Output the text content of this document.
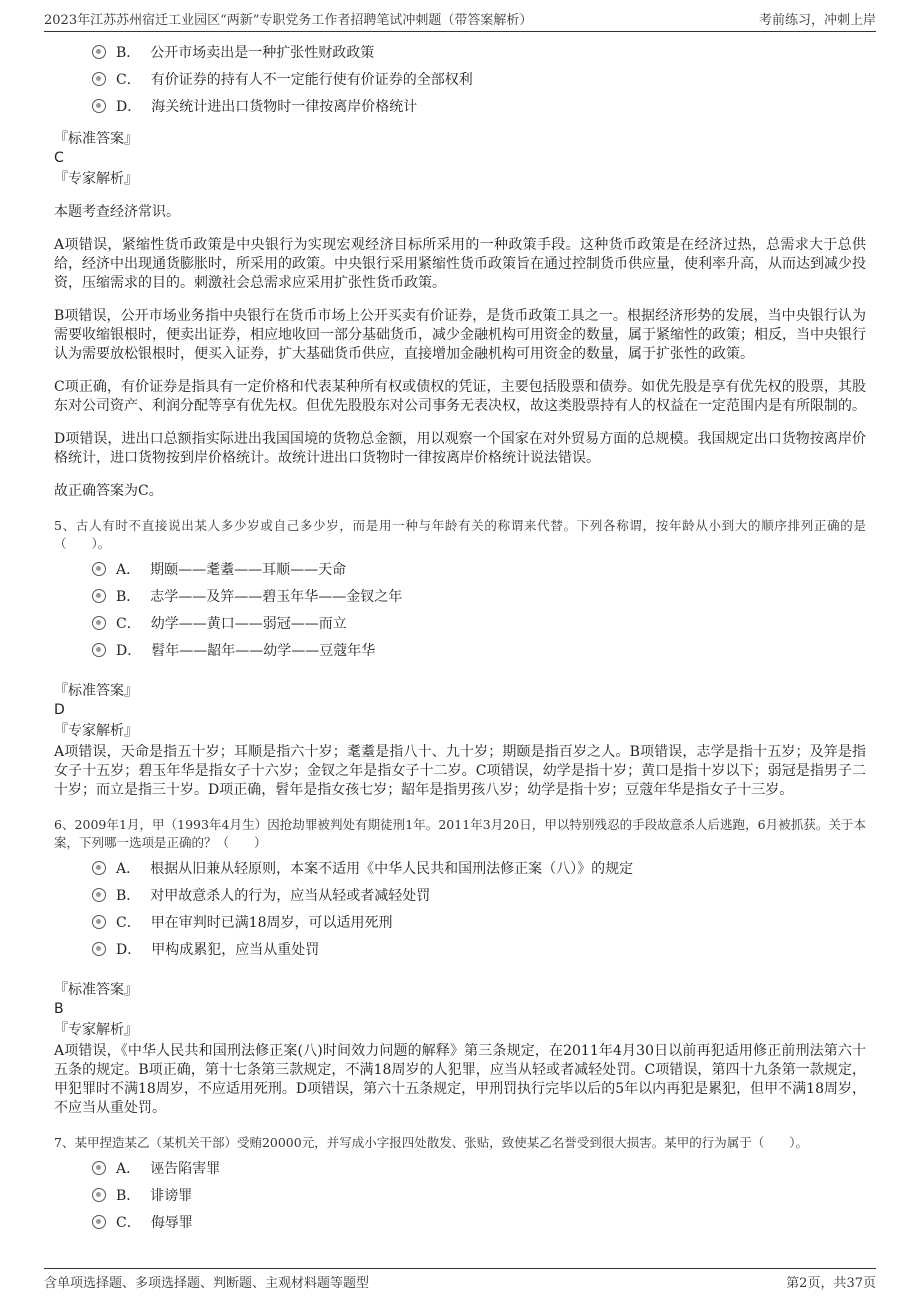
2023年江苏苏州宿迁工业园区“两新”专职党务工作者招聘笔试冲刺题（带答案解析）	考前练习，冲刺上岸
B． 公开市场卖出是一种扩张性财政政策
C． 有价证券的持有人不一定能行使有价证券的全部权利
D． 海关统计进出口货物时一律按离岸价格统计
『标准答案』
C
『专家解析』
本题考查经济常识。
A项错误，紧缩性货币政策是中央银行为实现宏观经济目标所采用的一种政策手段。这种货币政策是在经济过热，总需求大于总供给，经济中出现通货膨胀时，所采用的政策。中央银行采用紧缩性货币政策旨在通过控制货币供应量，使利率升高，从而达到减少投资，压缩需求的目的。刺激社会总需求应采用扩张性货币政策。
B项错误，公开市场业务指中央银行在货币市场上公开买卖有价证券，是货币政策工具之一。根据经济形势的发展，当中央银行认为需要收缩银根时，便卖出证券，相应地收回一部分基础货币，减少金融机构可用资金的数量，属于紧缩性的政策；相反，当中央银行认为需要放松银根时，便买入证券，扩大基础货币供应，直接增加金融机构可用资金的数量，属于扩张性的政策。
C项正确，有价证券是指具有一定价格和代表某种所有权或债权的凭证，主要包括股票和债券。如优先股是享有优先权的股票，其股东对公司资产、利润分配等享有优先权。但优先股股东对公司事务无表决权，故这类股票持有人的权益在一定范围内是有所限制的。
D项错误，进出口总额指实际进出我国国境的货物总金额，用以观察一个国家在对外贸易方面的总规模。我国规定出口货物按离岸价格统计，进口货物按到岸价格统计。故统计进出口货物时一律按离岸价格统计说法错误。
故正确答案为C。
5、古人有时不直接说出某人多少岁或自己多少岁，而是用一种与年龄有关的称谓来代替。下列各称谓，按年龄从小到大的顺序排列正确的是（　　）。
A． 期颐——耄耋——耳顺——天命
B． 志学——及笄——碧玉年华——金钗之年
C． 幼学——黄口——弱冠——而立
D． 髫年——龆年——幼学——豆蔻年华
『标准答案』
D
『专家解析』
A项错误，天命是指五十岁；耳顺是指六十岁；耄耋是指八十、九十岁；期颐是指百岁之人。B项错误，志学是指十五岁；及笄是指女子十五岁；碧玉年华是指女子十六岁；金钗之年是指女子十二岁。C项错误，幼学是指十岁；黄口是指十岁以下；弱冠是指男子二十岁；而立是指三十岁。D项正确，髫年是指女孩七岁；龆年是指男孩八岁；幼学是指十岁；豆蔻年华是指女子十三岁。
6、2009年1月，甲（1993年4月生）因抢劫罪被判处有期徒刑1年。2011年3月20日，甲以特别残忍的手段故意杀人后逃跑，6月被抓获。关于本案，下列哪一选项是正确的？（　　）
A． 根据从旧兼从轻原则，本案不适用《中华人民共和国刑法修正案（八）》的规定
B． 对甲故意杀人的行为，应当从轻或者减轻处罚
C． 甲在审判时已满18周岁，可以适用死刑
D． 甲构成累犯，应当从重处罚
『标准答案』
B
『专家解析』
A项错误，《中华人民共和国刑法修正案(八)时间效力问题的解释》第三条规定，在2011年4月30日以前再犯适用修正前刑法第六十五条的规定。B项正确，第十七条第三款规定，不满18周岁的人犯罪，应当从轻或者减轻处罚。C项错误，第四十九条第一款规定，甲犯罪时不满18周岁，不应适用死刑。D项错误，第六十五条规定，甲刑罚执行完毕以后的5年以内再犯是累犯，但甲不满18周岁，不应当从重处罚。
7、某甲捏造某乙（某机关干部）受贿20000元，并写成小字报四处散发、张贴，致使某乙名誉受到很大损害。某甲的行为属于（　　）。
A． 诬告陷害罪
B． 诽谤罪
C． 侮辱罪
含单项选择题、多项选择题、判断题、主观材料题等题型	第2页，共37页
